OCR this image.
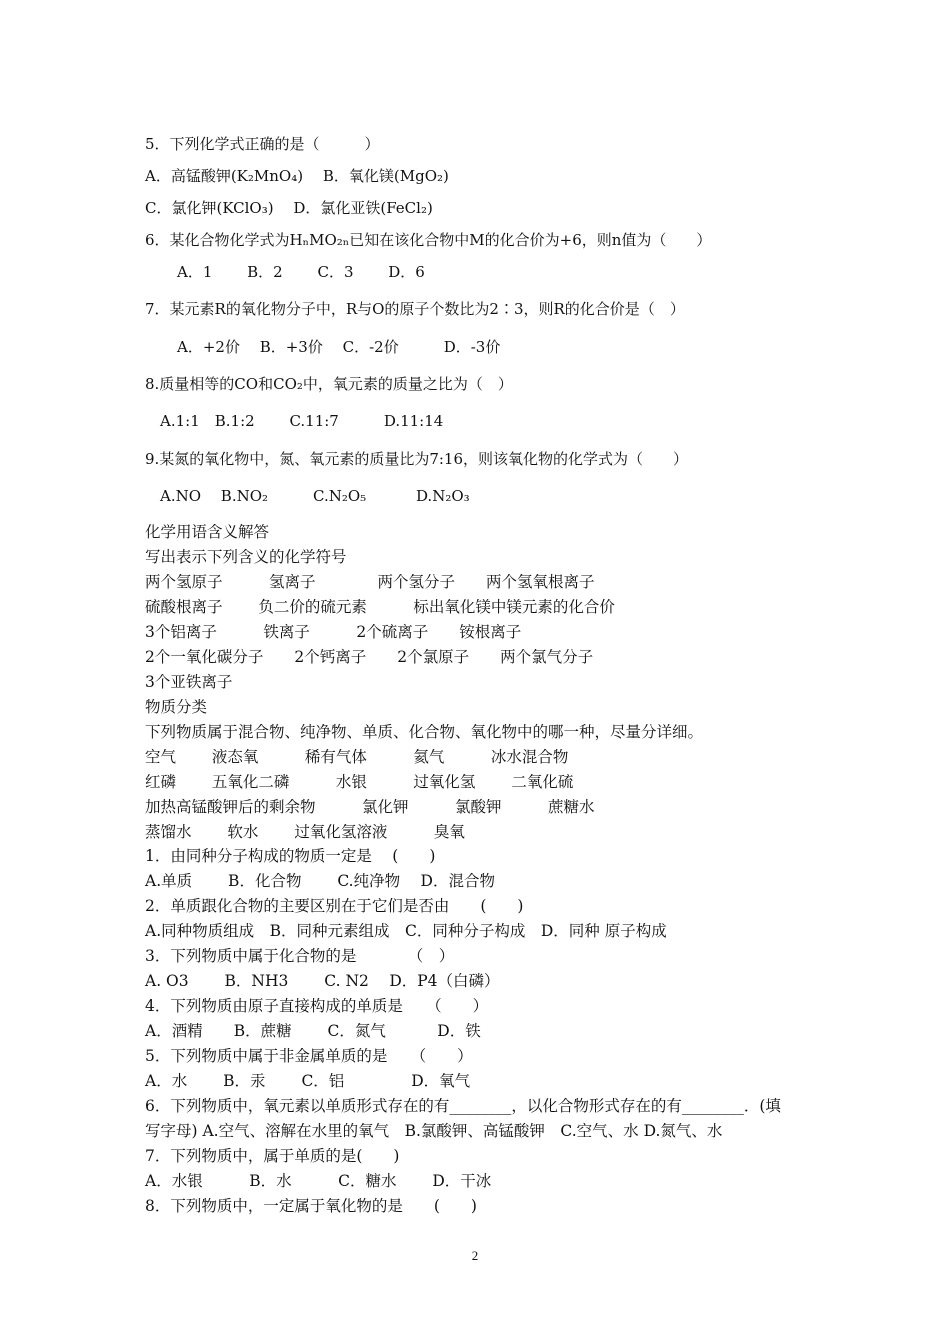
5．下列化学式正确的是（　　　）
A．高锰酸钾(K₂MnO₄)　 B．氧化镁(MgO₂)
C．氯化钾(KClO₃)　 D．氯化亚铁(FeCl₂)
6．某化合物化学式为HₙMO₂ₙ已知在该化合物中M的化合价为+6，则n值为（　　）
A．1　　 B．2　　 C．3　　 D．6
7．某元素R的氧化物分子中，R与O的原子个数比为2∶3，则R的化合价是（　）
A．+2价　 B．+3价　 C．-2价　　　D．-3价
8.质量相等的CO和CO₂中，氧元素的质量之比为（　）
A.1:1　B.1:2　　 C.11:7　　　D.11:14
9.某氮的氧化物中，氮、氧元素的质量比为7:16，则该氧化物的化学式为（　　）
A.NO　 B.NO₂　　　C.N₂O₅　　　 D.N₂O₃
化学用语含义解答
写出表示下列含义的化学符号
两个氢原子　　　氢离子　　　　两个氢分子　　两个氢氧根离子
硫酸根离子　　 负二价的硫元素　　　标出氧化镁中镁元素的化合价
3个铝离子　　　铁离子　　　2个硫离子　　铵根离子
2个一氧化碳分子　　2个钙离子　　2个氯原子　　两个氯气分子
3个亚铁离子
物质分类
下列物质属于混合物、纯净物、单质、化合物、氧化物中的哪一种，尽量分详细。
空气　　 液态氧　　　稀有气体　　　氦气　　　冰水混合物
红磷　　 五氧化二磷　　　水银　　　过氧化氢　　 二氧化硫
加热高锰酸钾后的剩余物　　　氯化钾　　　氯酸钾　　　蔗糖水
蒸馏水　　 软水　　 过氧化氢溶液　　　臭氧
1．由同种分子构成的物质一定是　 (　　)
A.单质　　 B．化合物　　 C.纯净物　 D．混合物
2．单质跟化合物的主要区别在于它们是否由　　(　　)
A.同种物质组成　B．同种元素组成　C．同种分子构成　D．同种 原子构成
3．下列物质中属于化合物的是　　　 （　）
A. O3　　 B．NH3　　 C. N2　 D．P4（白磷）
4．下列物质由原子直接构成的单质是　　（　　）
A．酒精　　B．蔗糖　　 C．氮气　　　 D．铁
5．下列物质中属于非金属单质的是　　（　　）
A．水　　 B．汞　　 C．铝　　　　 D．氧气
6．下列物质中，氧元素以单质形式存在的有________，以化合物形式存在的有________．(填
写字母) A.空气、溶解在水里的氧气　B.氯酸钾、高锰酸钾　C.空气、水 D.氮气、水
7．下列物质中，属于单质的是(　　)
A．水银　　　B．水　　　C．糖水　　 D．干冰
8．下列物质中，一定属于氧化物的是　　(　　)
2
